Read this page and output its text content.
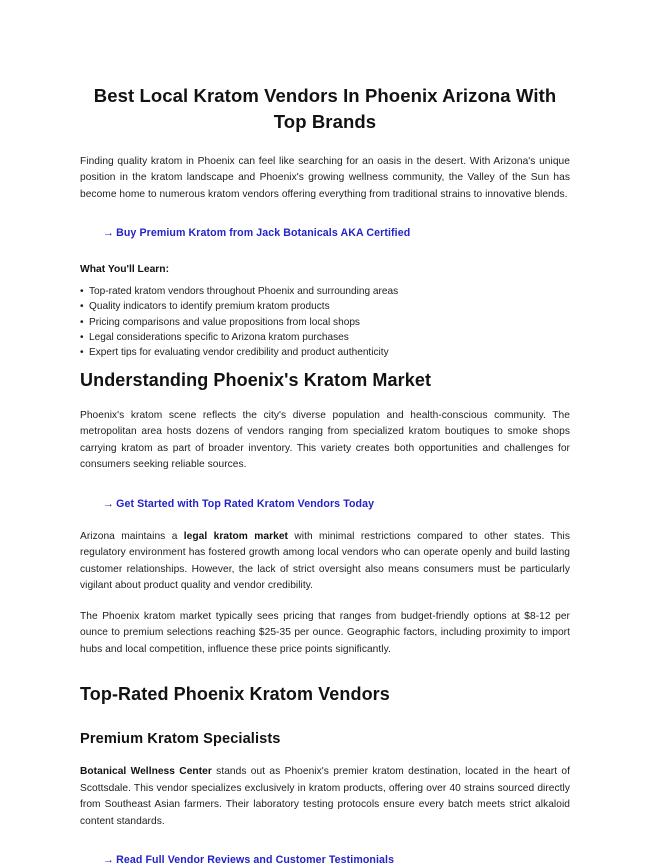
Best Local Kratom Vendors In Phoenix Arizona With Top Brands

Finding quality kratom in Phoenix can feel like searching for an oasis in the desert. With Arizona's unique position in the kratom landscape and Phoenix's growing wellness community, the Valley of the Sun has become home to numerous kratom vendors offering everything from traditional strains to innovative blends.

→ Buy Premium Kratom from Jack Botanicals AKA Certified

What You'll Learn:

• Top-rated kratom vendors throughout Phoenix and surrounding areas
• Quality indicators to identify premium kratom products
• Pricing comparisons and value propositions from local shops
• Legal considerations specific to Arizona kratom purchases
• Expert tips for evaluating vendor credibility and product authenticity
Understanding Phoenix's Kratom Market

Phoenix's kratom scene reflects the city's diverse population and health-conscious community. The metropolitan area hosts dozens of vendors ranging from specialized kratom boutiques to smoke shops carrying kratom as part of broader inventory. This variety creates both opportunities and challenges for consumers seeking reliable sources.

→ Get Started with Top Rated Kratom Vendors Today

Arizona maintains a legal kratom market with minimal restrictions compared to other states. This regulatory environment has fostered growth among local vendors who can operate openly and build lasting customer relationships. However, the lack of strict oversight also means consumers must be particularly vigilant about product quality and vendor credibility.

The Phoenix kratom market typically sees pricing that ranges from budget-friendly options at $8-12 per ounce to premium selections reaching $25-35 per ounce. Geographic factors, including proximity to import hubs and local competition, influence these price points significantly.

Top-Rated Phoenix Kratom Vendors
Premium Kratom Specialists

Botanical Wellness Center stands out as Phoenix's premier kratom destination, located in the heart of Scottsdale. This vendor specializes exclusively in kratom products, offering over 40 strains sourced directly from Southeast Asian farmers. Their laboratory testing protocols ensure every batch meets strict alkaloid content standards.

→ Read Full Vendor Reviews and Customer Testimonials
